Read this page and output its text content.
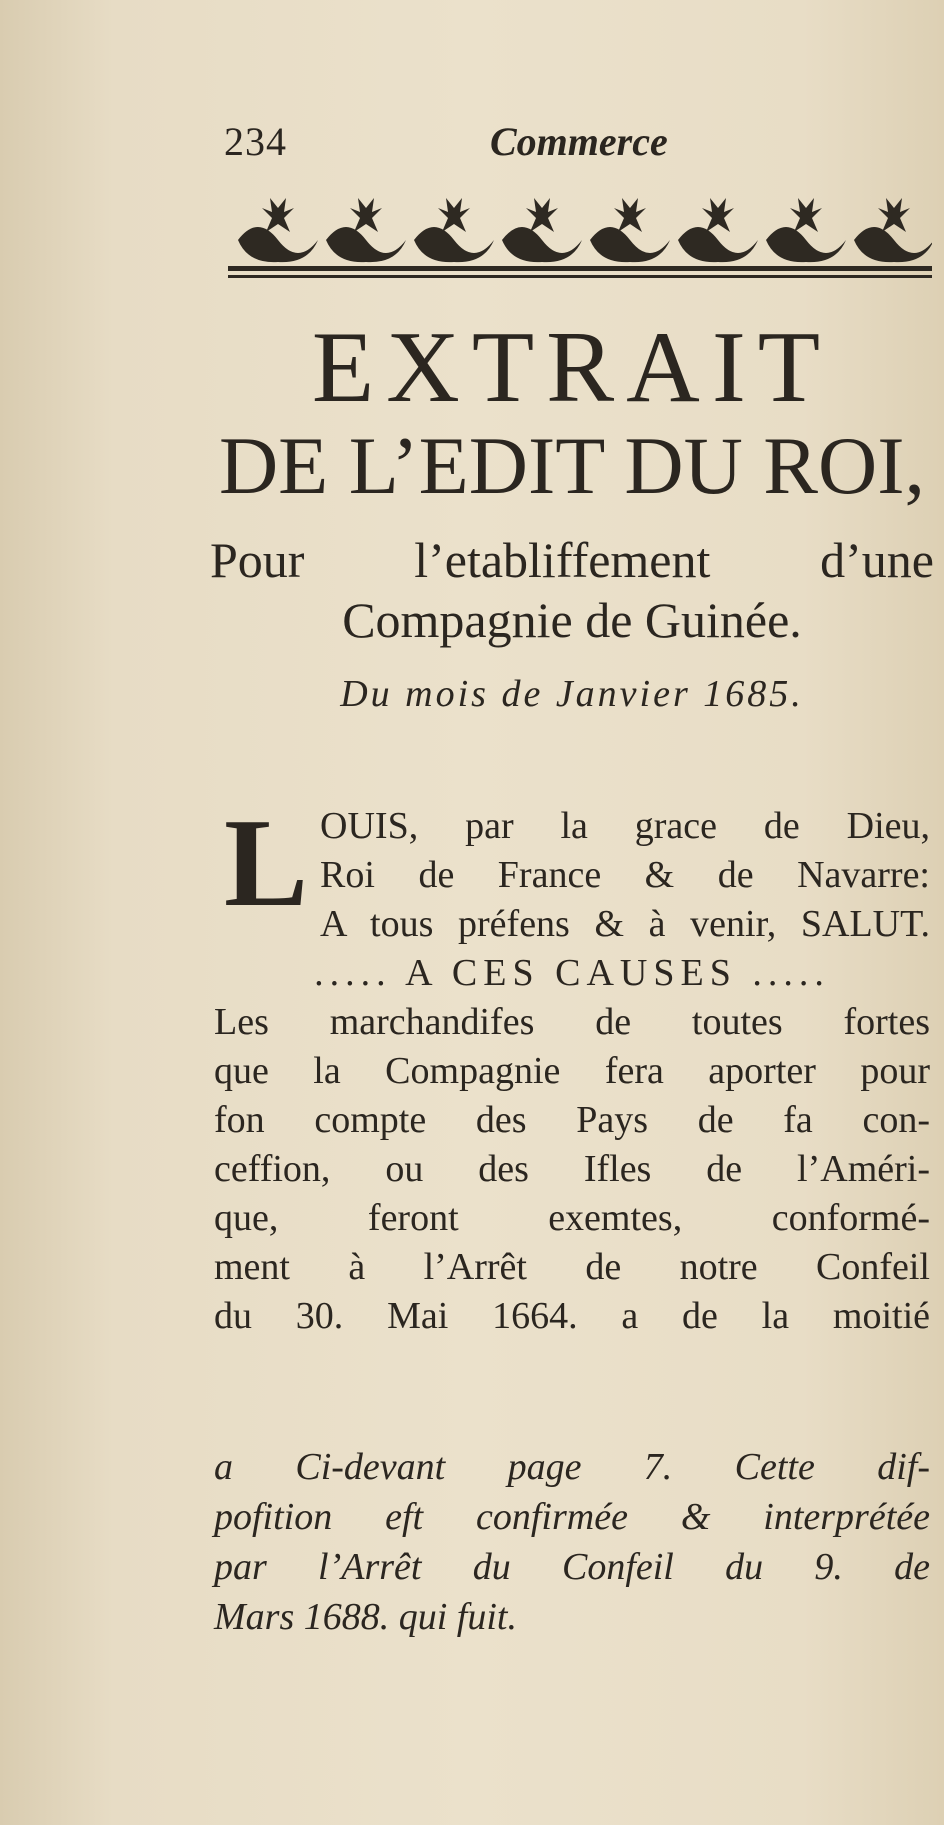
234	Commerce

EXTRAIT

DE L’EDIT DU ROI,

Pour l’etabliffement d’une

Compagnie de Guinée.

Du mois de Janvier 1685.

L OUIS, par la grace de Dieu,
Roi de France & de Navarre:
A tous préfens & à venir, SALUT.
..... A CES CAUSES .....
Les marchandifes de toutes fortes
que la Compagnie fera aporter pour
fon compte des Pays de fa con-
ceffion, ou des Ifles de l’Améri-
que, feront exemtes, conformé-
ment à l’Arrêt de notre Confeil
du 30. Mai 1664. a de la moitié
a Ci-devant page 7. Cette dif-
pofition eft confirmée & interprétée
par l’Arrêt du Confeil du 9. de
Mars 1688. qui fuit.
